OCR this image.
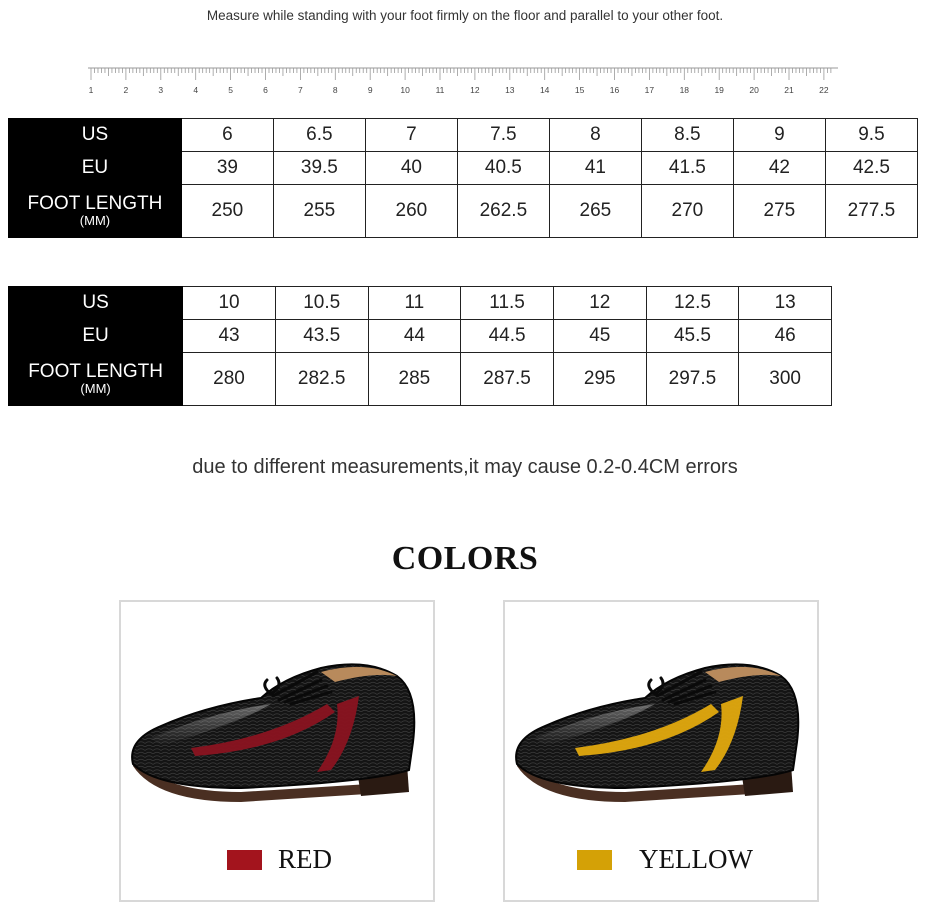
Measure while standing with your foot firmly on the floor and parallel to your other foot.
1	2	3	4	5	6	7	8	9	10	11	12	13	14	15	16	17	18	19	20	21	22
US	6	6.5	7	7.5	8	8.5	9	9.5
EU	39	39.5	40	40.5	41	41.5	42	42.5

FOOT LENGTH
(MM)	250	255	260	262.5	265	270	275	277.5
US	10	10.5	11	11.5	12	12.5	13
EU	43	43.5	44	44.5	45	45.5	46

FOOT LENGTH
(MM)	280	282.5	285	287.5	295	297.5	300
due to different measurements,it may cause 0.2-0.4CM errors
COLORS
RED	YELLOW
